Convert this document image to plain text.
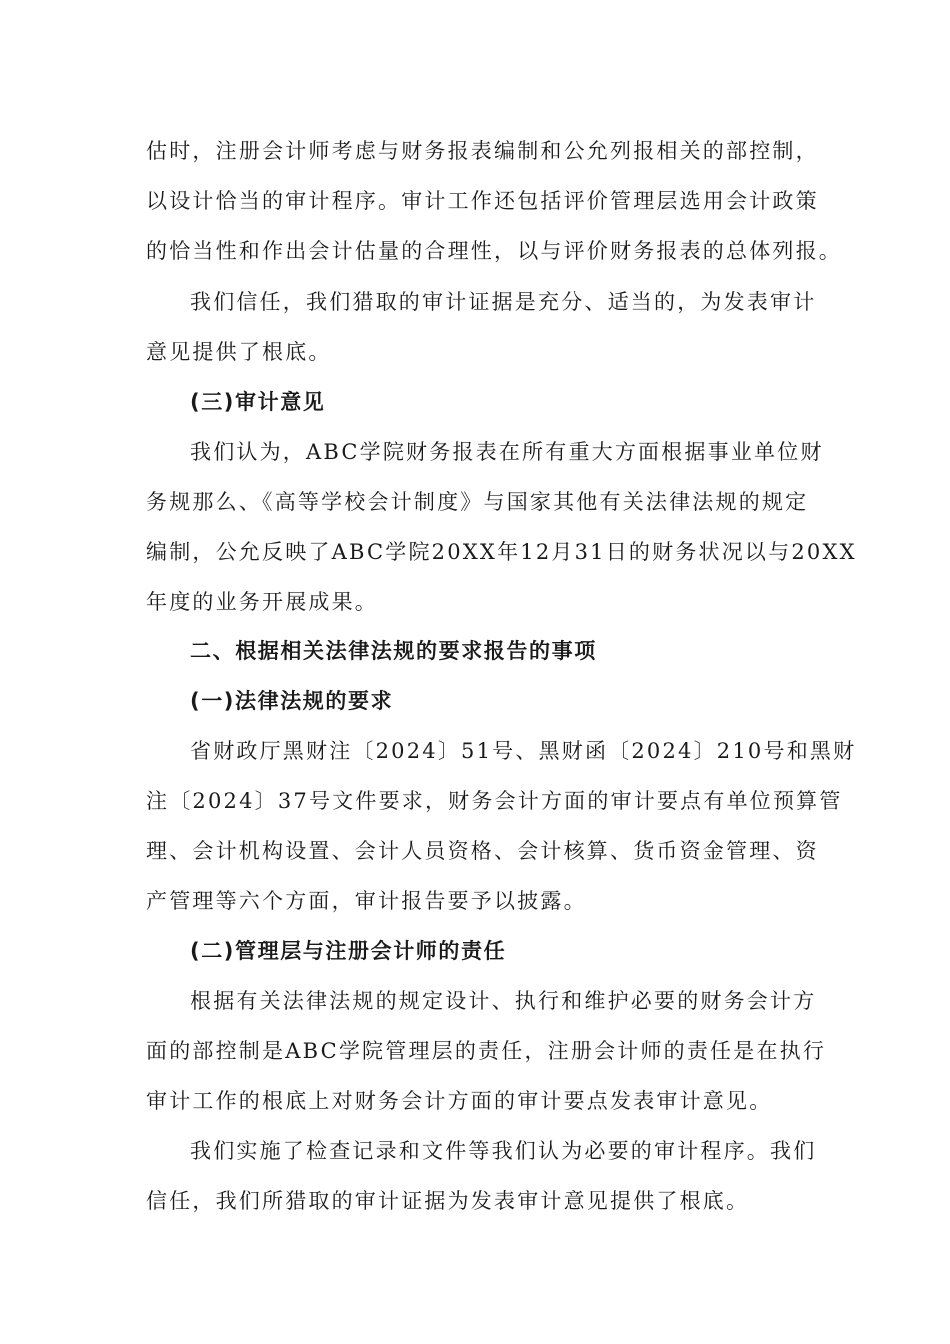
估时，注册会计师考虑与财务报表编制和公允列报相关的部控制，
以设计恰当的审计程序。审计工作还包括评价管理层选用会计政策
的恰当性和作出会计估量的合理性，以与评价财务报表的总体列报。
我们信任，我们猎取的审计证据是充分、适当的，为发表审计
意见提供了根底。
(三)审计意见
我们认为，ABC学院财务报表在所有重大方面根据事业单位财
务规那么、《高等学校会计制度》与国家其他有关法律法规的规定
编制，公允反映了ABC学院20XX年12月31日的财务状况以与20XX
年度的业务开展成果。
二、根据相关法律法规的要求报告的事项
(一)法律法规的要求
省财政厅黑财注〔2024〕51号、黑财函〔2024〕210号和黑财
注〔2024〕37号文件要求，财务会计方面的审计要点有单位预算管
理、会计机构设置、会计人员资格、会计核算、货币资金管理、资
产管理等六个方面，审计报告要予以披露。
(二)管理层与注册会计师的责任
根据有关法律法规的规定设计、执行和维护必要的财务会计方
面的部控制是ABC学院管理层的责任，注册会计师的责任是在执行
审计工作的根底上对财务会计方面的审计要点发表审计意见。
我们实施了检查记录和文件等我们认为必要的审计程序。我们
信任，我们所猎取的审计证据为发表审计意见提供了根底。
